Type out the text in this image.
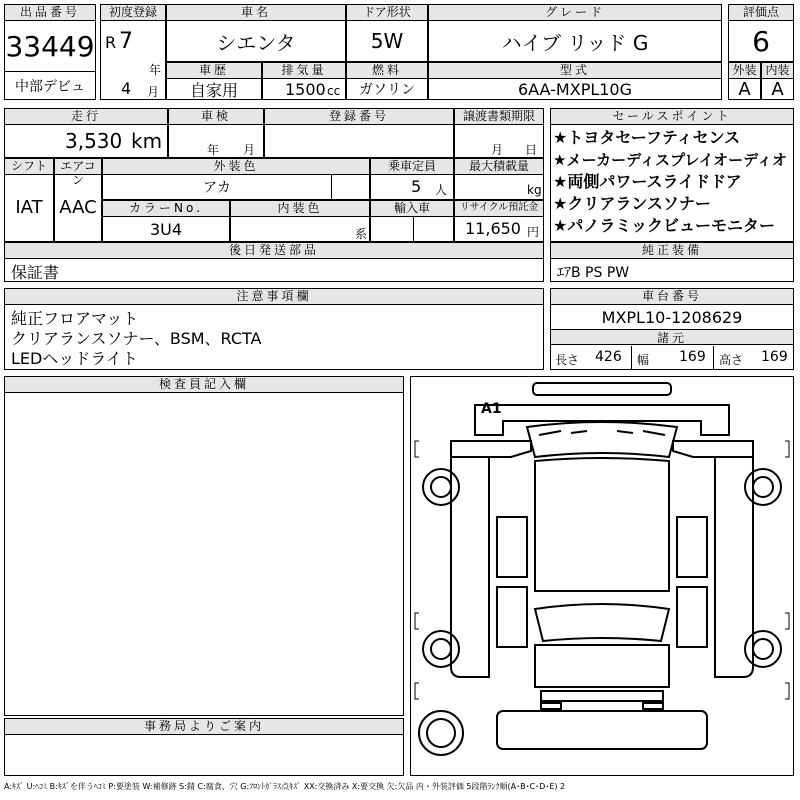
出品番号
33449
中部デビュ
初度登録
R 7
年
4 月
車名
シエンタ
ドア形状
5W
グレード
ハイブ リッド G
評価点
6
車歴
自家用
排気量
1500 cc
燃料
ガソリン
型式
6AA-MXPL10G
外装
A
内装
A
走行
3,530 km
車検
年 月
登録番号	譲渡書類期限
月 日
シフト
IAT
エアコン
AAC
外装色
アカ
乗車定員
5 人
最大積載量
kg
カラーNo.
3U4
内装色
系
輸入車	リサイクル預託金
11,650 円
後日発送部品
保証書
セールスポイント
★トヨタセーフティセンス
★メーカーディスプレイオーディオ
★両側パワースライドドア
★クリアランスソナー
★パノラミックビューモニター
純正装備
ｴｱB PS PW
注意事項欄
純正フロアマット
クリアランスソナー、BSM、RCTA
LEDヘッドライト
車台番号
MXPL10-1208629
諸元
長さ 426 幅 169 高さ 169
検査員記入欄
事務局よりご案内
A1
A:ｷｽﾞ U:ﾍｺﾐ B:ｷｽﾞを伴うﾍｺﾐ P:要塗装 W:補修跡 S:錆 C:腐食、穴 G:ﾌﾛﾝﾄｶﾞﾗｽ点ｷｽﾞ XX:交換済み X:要交換 欠:欠品 内・外装評価 5段階ﾗﾝｸ順(A･B･C･D･E) 2
